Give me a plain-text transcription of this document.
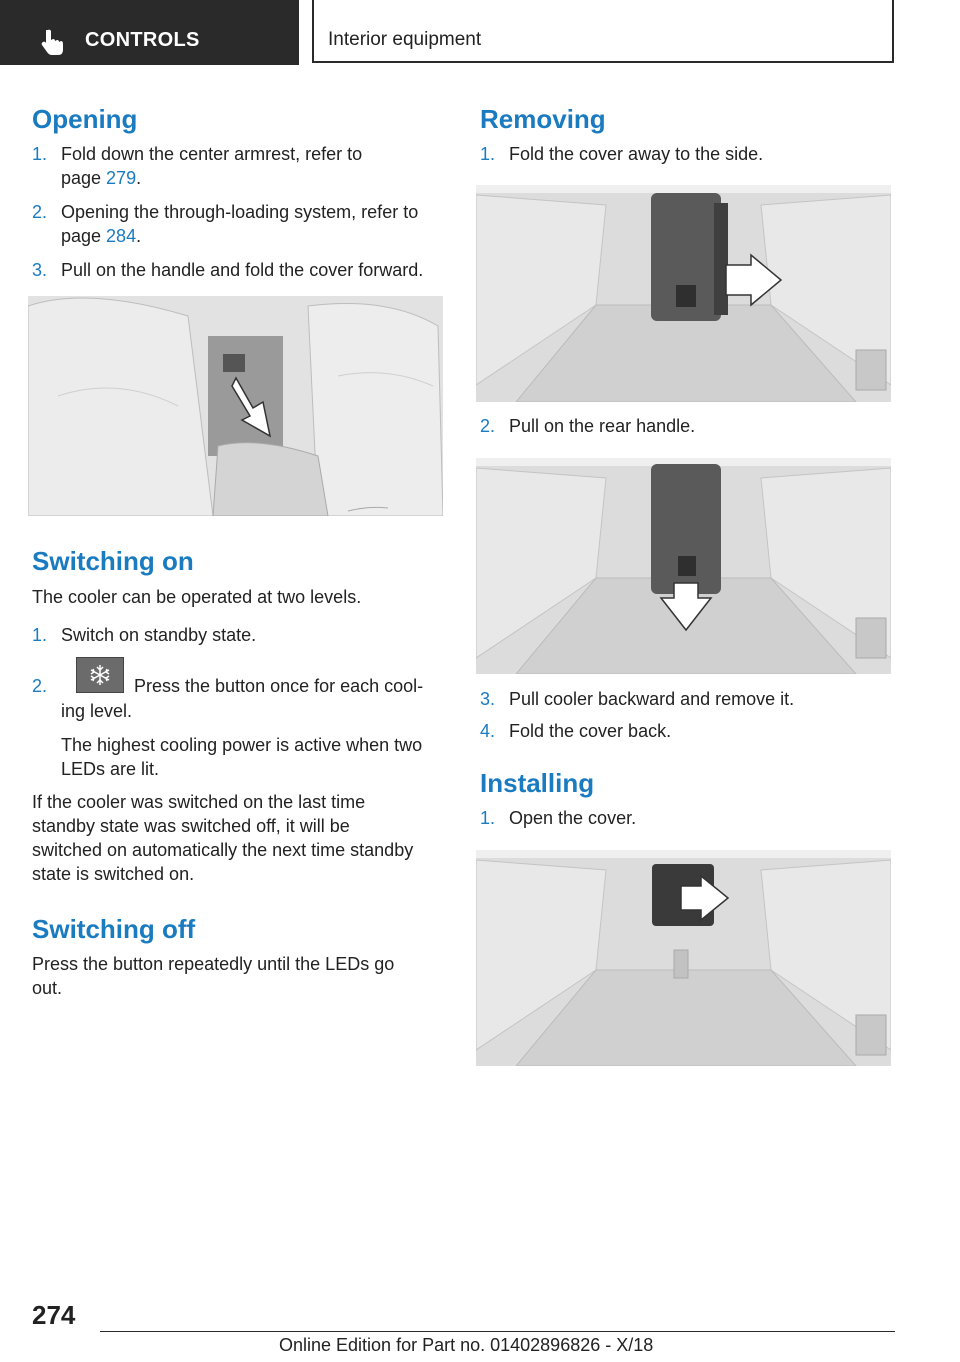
CONTROLS	Interior equipment
Opening
1. Fold down the center armrest, refer to
page 279.
2. Opening the through-loading system, refer to
page 284.
3. Pull on the handle and fold the cover forward.
Switching on
The cooler can be operated at two levels.
1. Switch on standby state.
2.	Press the button once for each cool-
ing level.
The highest cooling power is active when two
LEDs are lit.
If the cooler was switched on the last time
standby state was switched off, it will be
switched on automatically the next time standby
state is switched on.
Switching off
Press the button repeatedly until the LEDs go
out.
Removing
1. Fold the cover away to the side.
2. Pull on the rear handle.
3. Pull cooler backward and remove it.
4. Fold the cover back.
Installing
1. Open the cover.
274
Online Edition for Part no. 01402896826 - X/18
